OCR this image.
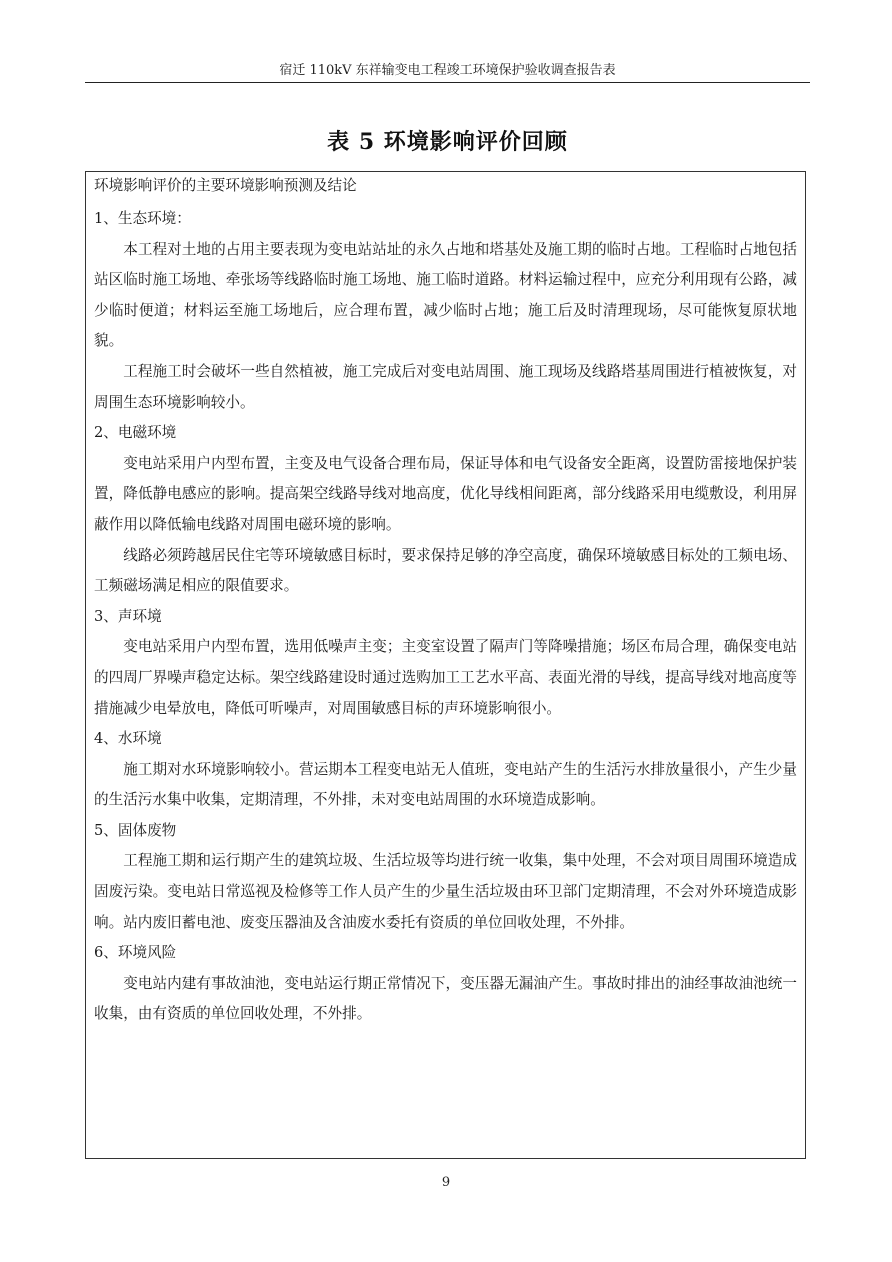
宿迁 110kV 东祥输变电工程竣工环境保护验收调查报告表
表 5 环境影响评价回顾

环境影响评价的主要环境影响预测及结论

1、生态环境：

本工程对土地的占用主要表现为变电站站址的永久占地和塔基处及施工期的临时占地。工程临时占地包括站区临时施工场地、牵张场等线路临时施工场地、施工临时道路。材料运输过程中，应充分利用现有公路，减少临时便道；材料运至施工场地后，应合理布置，减少临时占地；施工后及时清理现场，尽可能恢复原状地貌。

工程施工时会破坏一些自然植被，施工完成后对变电站周围、施工现场及线路塔基周围进行植被恢复，对周围生态环境影响较小。

2、电磁环境

变电站采用户内型布置，主变及电气设备合理布局，保证导体和电气设备安全距离，设置防雷接地保护装置，降低静电感应的影响。提高架空线路导线对地高度，优化导线相间距离，部分线路采用电缆敷设，利用屏蔽作用以降低输电线路对周围电磁环境的影响。

线路必须跨越居民住宅等环境敏感目标时，要求保持足够的净空高度，确保环境敏感目标处的工频电场、工频磁场满足相应的限值要求。

3、声环境

变电站采用户内型布置，选用低噪声主变；主变室设置了隔声门等降噪措施；场区布局合理，确保变电站的四周厂界噪声稳定达标。架空线路建设时通过选购加工工艺水平高、表面光滑的导线，提高导线对地高度等措施减少电晕放电，降低可听噪声，对周围敏感目标的声环境影响很小。

4、水环境

施工期对水环境影响较小。营运期本工程变电站无人值班，变电站产生的生活污水排放量很小，产生少量的生活污水集中收集，定期清理，不外排，未对变电站周围的水环境造成影响。

5、固体废物

工程施工期和运行期产生的建筑垃圾、生活垃圾等均进行统一收集，集中处理，不会对项目周围环境造成固废污染。变电站日常巡视及检修等工作人员产生的少量生活垃圾由环卫部门定期清理，不会对外环境造成影响。站内废旧蓄电池、废变压器油及含油废水委托有资质的单位回收处理，不外排。

6、环境风险

变电站内建有事故油池，变电站运行期正常情况下，变压器无漏油产生。事故时排出的油经事故油池统一收集，由有资质的单位回收处理，不外排。

9
